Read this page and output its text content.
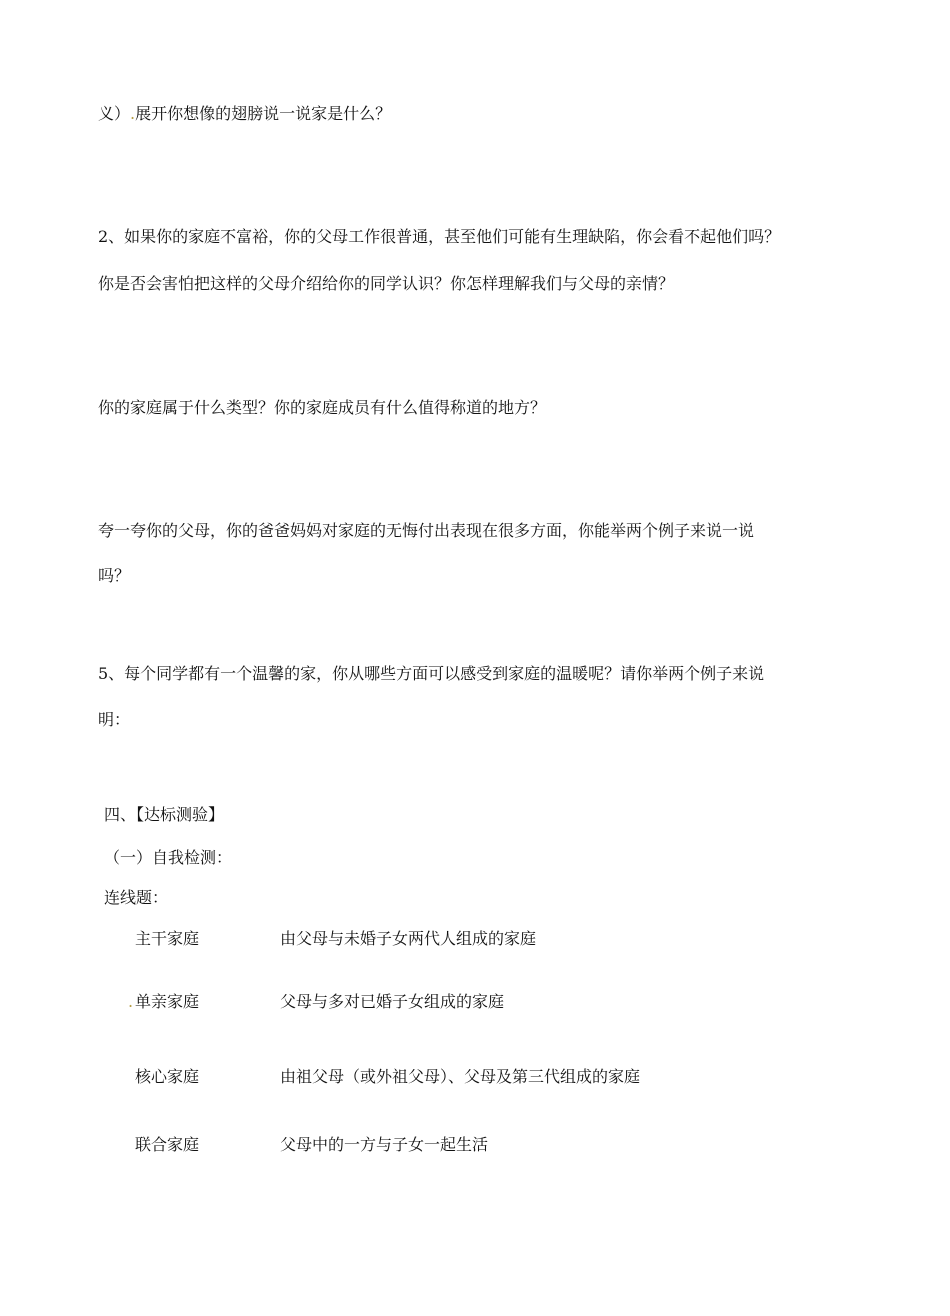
义）.展开你想像的翅膀说一说家是什么？
2、如果你的家庭不富裕，你的父母工作很普通，甚至他们可能有生理缺陷，你会看不起他们吗？
你是否会害怕把这样的父母介绍给你的同学认识？你怎样理解我们与父母的亲情？
你的家庭属于什么类型？你的家庭成员有什么值得称道的地方？
夸一夸你的父母，你的爸爸妈妈对家庭的无悔付出表现在很多方面，你能举两个例子来说一说
吗？
5、每个同学都有一个温馨的家，你从哪些方面可以感受到家庭的温暖呢？请你举两个例子来说
明：
四、【达标测验】
（一）自我检测：
连线题：
主干家庭	由父母与未婚子女两代人组成的家庭
. 单亲家庭	父母与多对已婚子女组成的家庭
核心家庭	由祖父母（或外祖父母）、父母及第三代组成的家庭
联合家庭	父母中的一方与子女一起生活
